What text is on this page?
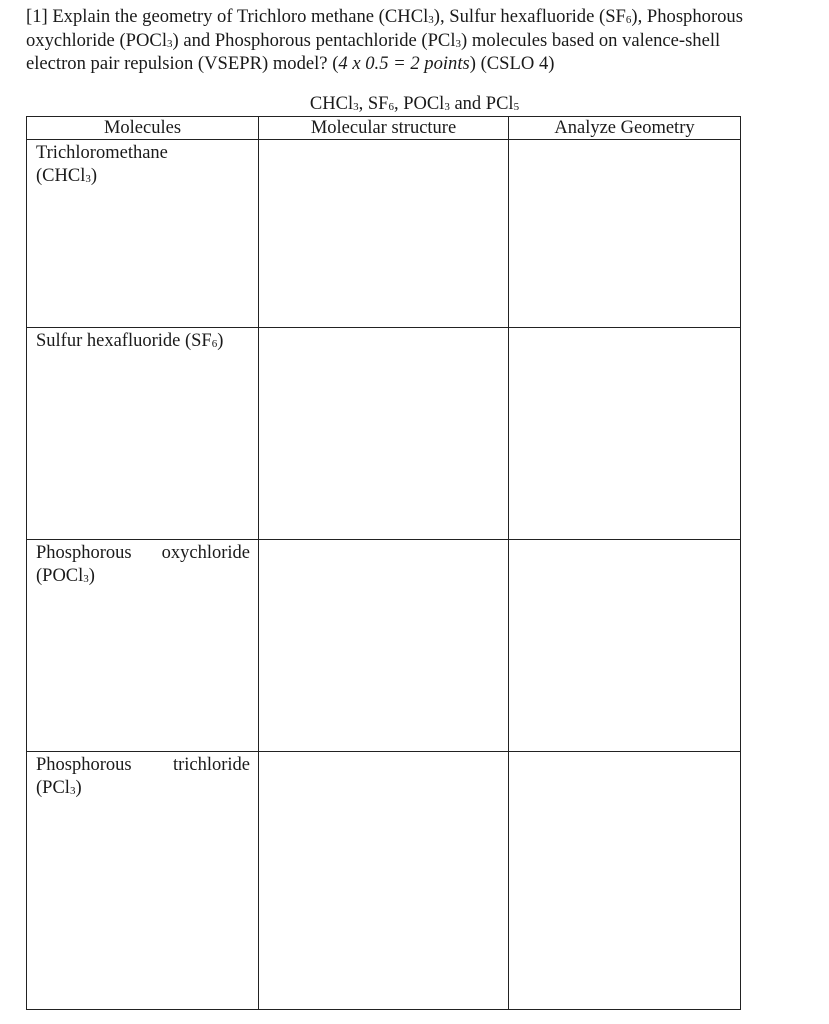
[1] Explain the geometry of Trichloro methane (CHCl$_3$), Sulfur hexafluoride $(SF_6)$, Phosphorous
oxychloride (POCl$_3$) and Phosphorous pentachloride (PCl$_3$) molecules based on valence-shell
electron pair repulsion (VSEPR) model? (4 x 0.5 = 2 points) (CSLO 4)
CHCl$_3$, $SF_6$, POCl$_3$ and PCl$_5$
Molecules	Molecular structure	Analyze Geometry
Trichloromethane
(CHCl$_3$)		
Sulfur hexafluoride $(SF_6)$		

Phosphorous oxychloride
(POCl$_3$)		

Phosphorous trichloride
(PCl$_3$)		
